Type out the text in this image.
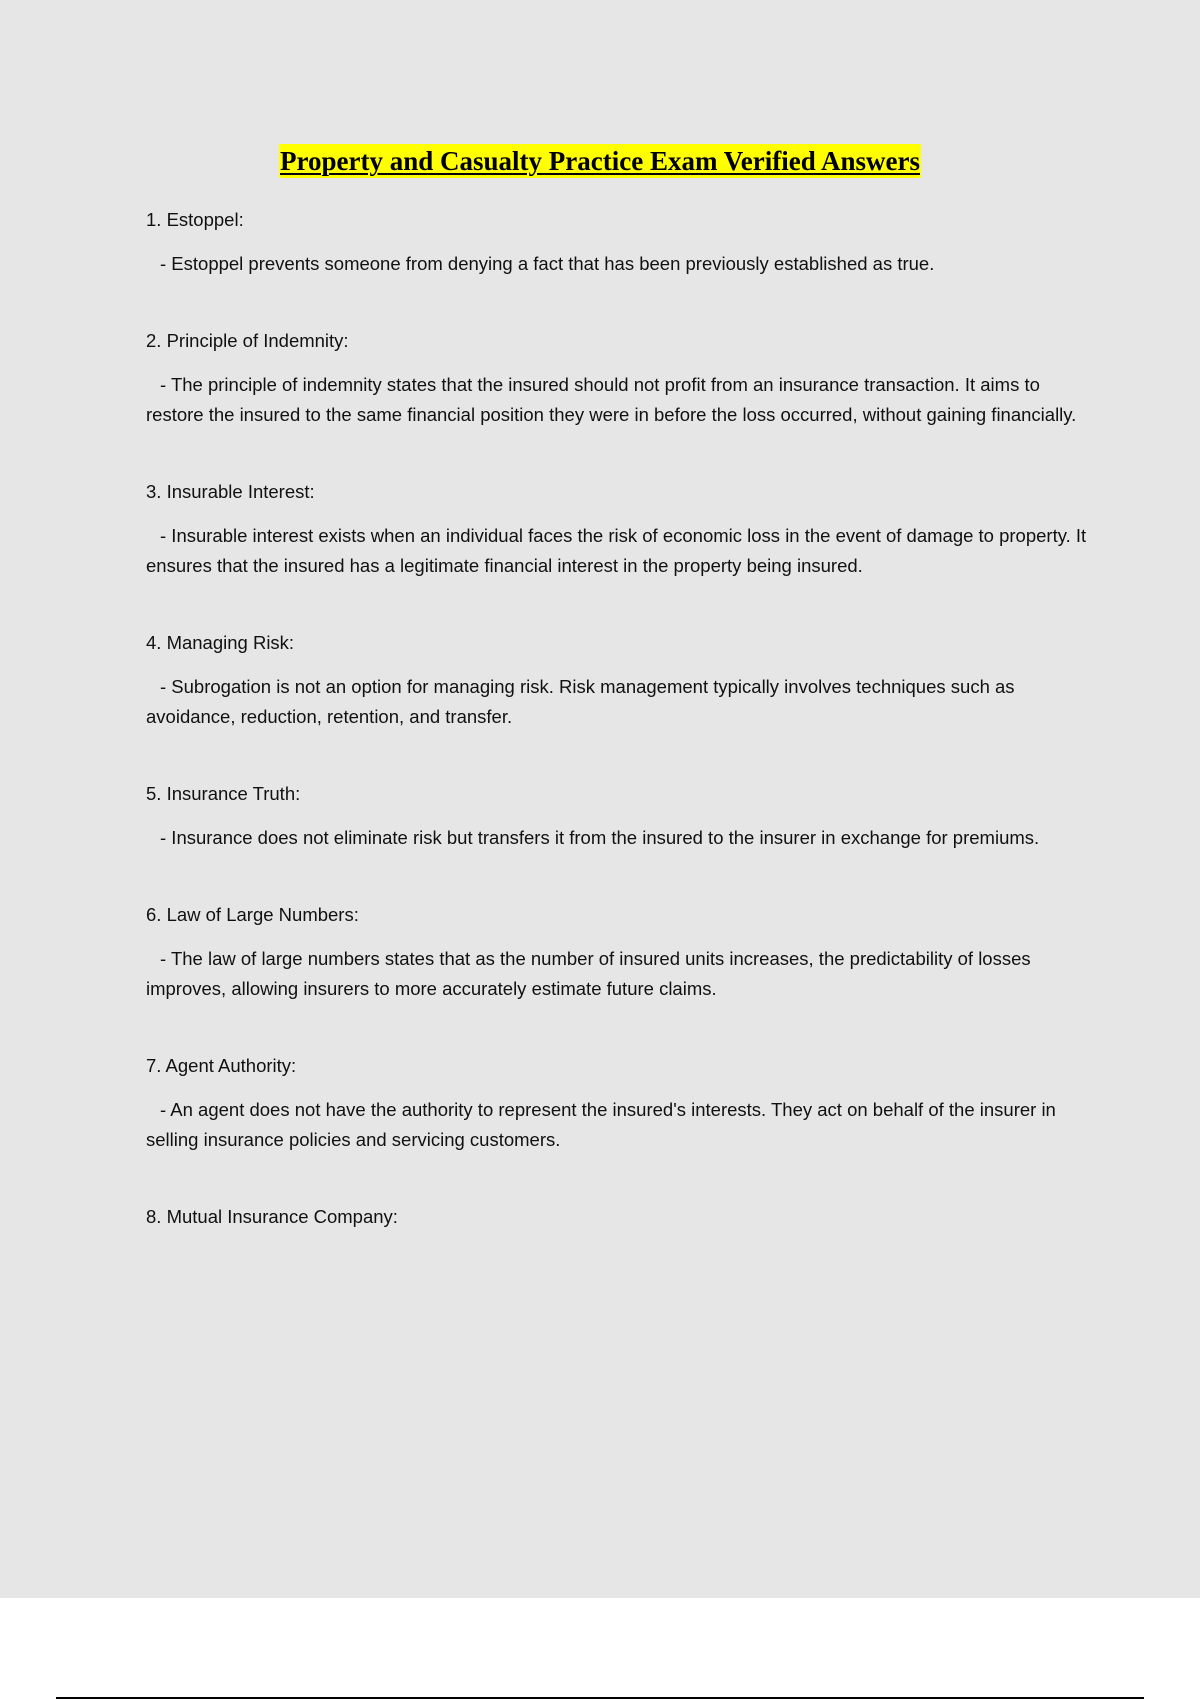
Property and Casualty Practice Exam Verified Answers

1. Estoppel:

- Estoppel prevents someone from denying a fact that has been previously established as true.

2. Principle of Indemnity:

- The principle of indemnity states that the insured should not profit from an insurance transaction. It aims to restore the insured to the same financial position they were in before the loss occurred, without gaining financially.

3. Insurable Interest:

- Insurable interest exists when an individual faces the risk of economic loss in the event of damage to property. It ensures that the insured has a legitimate financial interest in the property being insured.

4. Managing Risk:

- Subrogation is not an option for managing risk. Risk management typically involves techniques such as avoidance, reduction, retention, and transfer.

5. Insurance Truth:

- Insurance does not eliminate risk but transfers it from the insured to the insurer in exchange for premiums.

6. Law of Large Numbers:

- The law of large numbers states that as the number of insured units increases, the predictability of losses improves, allowing insurers to more accurately estimate future claims.

7. Agent Authority:

- An agent does not have the authority to represent the insured's interests. They act on behalf of the insurer in selling insurance policies and servicing customers.

8. Mutual Insurance Company:
